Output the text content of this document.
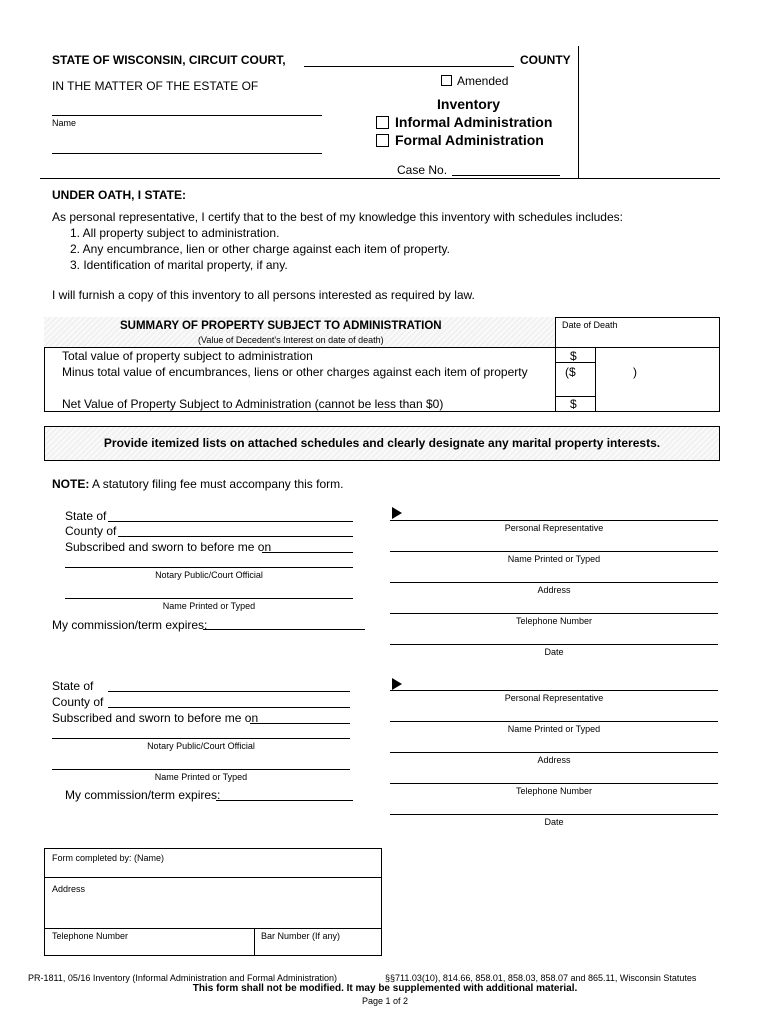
STATE OF WISCONSIN, CIRCUIT COURT,	COUNTY
Amended
IN THE MATTER OF THE ESTATE OF
Name
Inventory
Informal Administration
Formal Administration
Case No.
UNDER OATH, I STATE:
As personal representative, I certify that to the best of my knowledge this inventory with schedules includes:
1. All property subject to administration.
2. Any encumbrance, lien or other charge against each item of property.
3. Identification of marital property, if any.
I will furnish a copy of this inventory to all persons interested as required by law.
SUMMARY OF PROPERTY SUBJECT TO ADMINISTRATION
(Value of Decedent's Interest on date of death)
Date of Death
Total value of property subject to administration	$
Minus total value of encumbrances, liens or other charges against each item of property	($	)
Net Value of Property Subject to Administration (cannot be less than $0)	$
Provide itemized lists on attached schedules and clearly designate any marital property interests.
NOTE: A statutory filing fee must accompany this form.
State of
County of
Subscribed and sworn to before me on
Notary Public/Court Official
Name Printed or Typed
My commission/term expires:
Personal Representative
Name Printed or Typed
Address
Telephone Number
Date
State of
County of
Subscribed and sworn to before me on
Notary Public/Court Official
Name Printed or Typed
My commission/term expires:
Personal Representative
Name Printed or Typed
Address
Telephone Number
Date
Form completed by: (Name)
Address
Telephone Number	Bar Number (If any)
PR-1811, 05/16 Inventory (Informal Administration and Formal Administration)	§§711.03(10), 814.66, 858.01, 858.03, 858.07 and 865.11, Wisconsin Statutes
This form shall not be modified. It may be supplemented with additional material.
Page 1 of 2
